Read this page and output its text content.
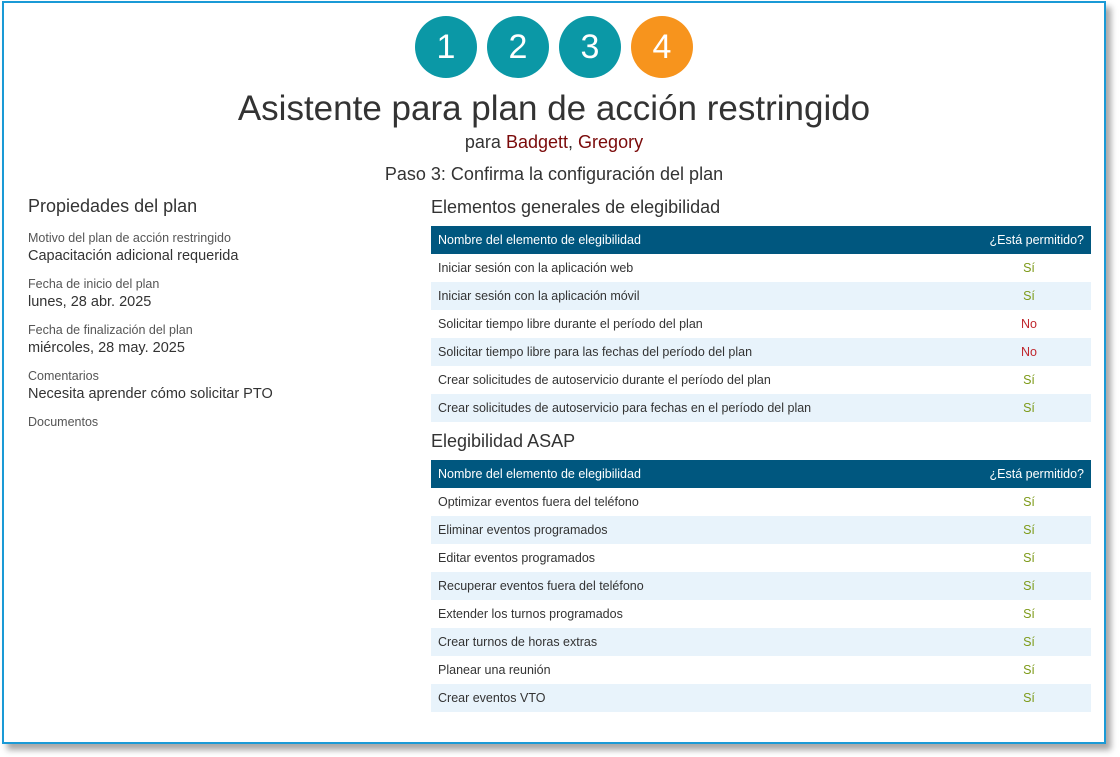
1	2	3	4
Asistente para plan de acción restringido
para Badgett, Gregory
Paso 3: Confirma la configuración del plan
Propiedades del plan
Motivo del plan de acción restringido
Capacitación adicional requerida
Fecha de inicio del plan
lunes, 28 abr. 2025
Fecha de finalización del plan
miércoles, 28 may. 2025
Comentarios
Necesita aprender cómo solicitar PTO
Documentos
Elementos generales de elegibilidad
Nombre del elemento de elegibilidad	¿Está permitido?
Iniciar sesión con la aplicación web	Sí
Iniciar sesión con la aplicación móvil	Sí
Solicitar tiempo libre durante el período del plan	No
Solicitar tiempo libre para las fechas del período del plan	No
Crear solicitudes de autoservicio durante el período del plan	Sí
Crear solicitudes de autoservicio para fechas en el período del plan	Sí
Elegibilidad ASAP
Nombre del elemento de elegibilidad	¿Está permitido?
Optimizar eventos fuera del teléfono	Sí
Eliminar eventos programados	Sí
Editar eventos programados	Sí
Recuperar eventos fuera del teléfono	Sí
Extender los turnos programados	Sí
Crear turnos de horas extras	Sí
Planear una reunión	Sí
Crear eventos VTO	Sí
